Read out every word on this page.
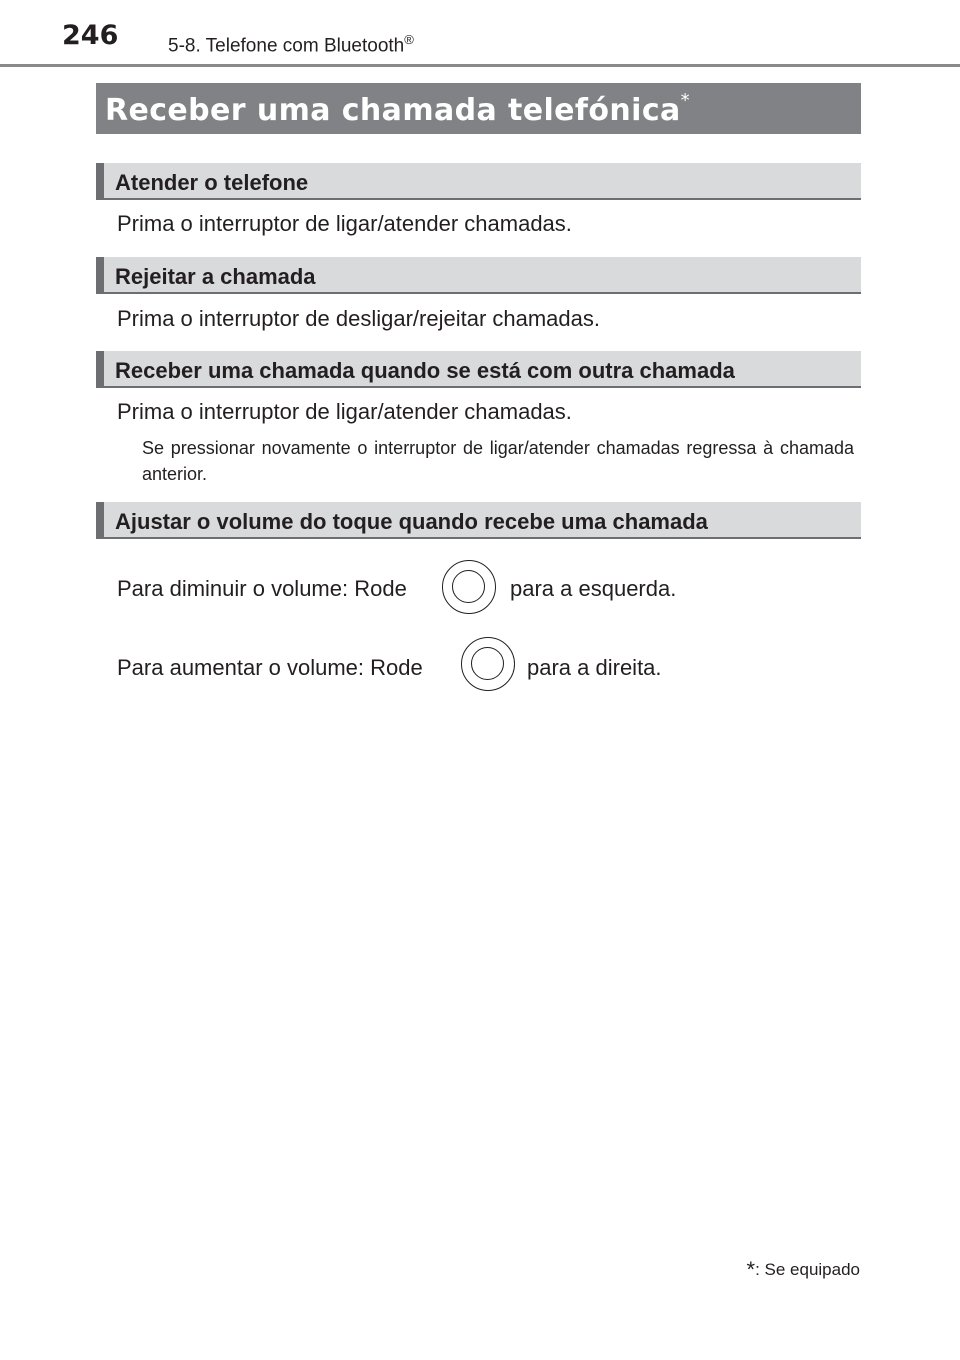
246	5-8. Telefone com Bluetooth®
Receber uma chamada telefónica*
Atender o telefone
Prima o interruptor de ligar/atender chamadas.
Rejeitar a chamada
Prima o interruptor de desligar/rejeitar chamadas.
Receber uma chamada quando se está com outra chamada
Prima o interruptor de ligar/atender chamadas.
Se pressionar novamente o interruptor de ligar/atender chamadas regressa à chamada anterior.
Ajustar o volume do toque quando recebe uma chamada
Para diminuir o volume: Rode	para a esquerda.
Para aumentar o volume: Rode	para a direita.
*: Se equipado
